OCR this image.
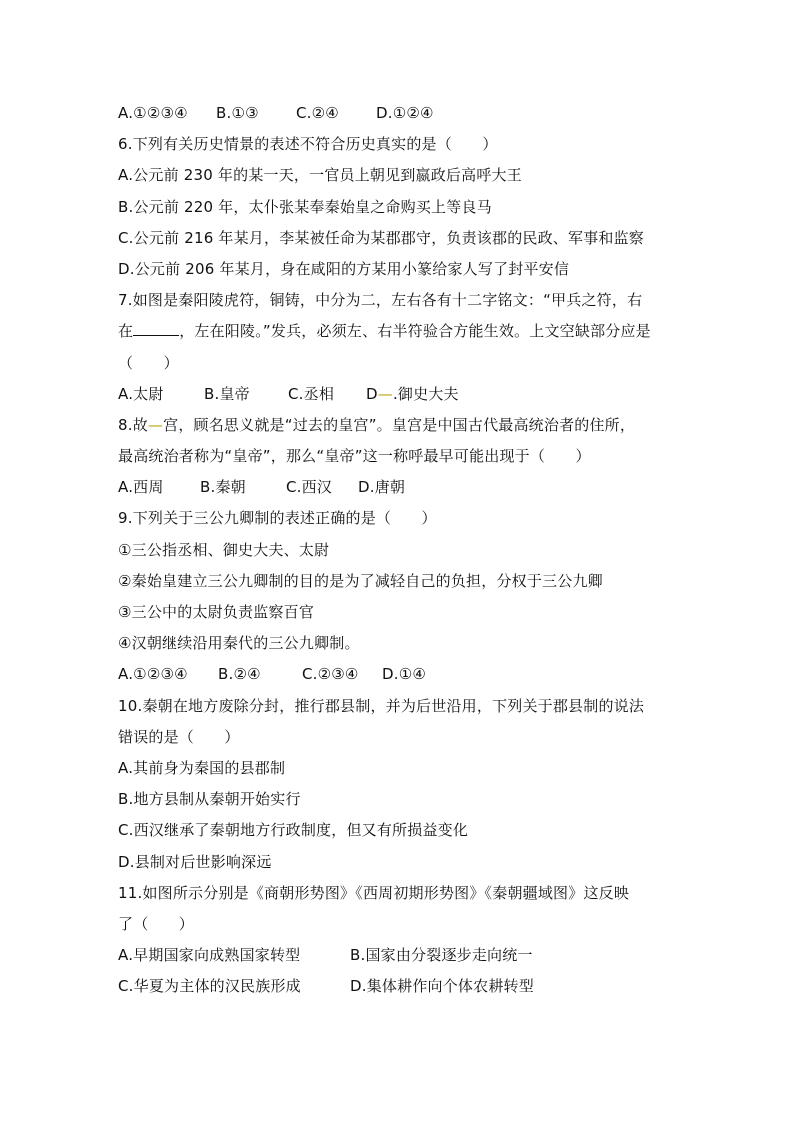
A.①②③④	B.①③	C.②④	D.①②④
6.下列有关历史情景的表述不符合历史真实的是（　　）
A.公元前 230 年的某一天，一官员上朝见到嬴政后高呼大王
B.公元前 220 年，太仆张某奉秦始皇之命购买上等良马
C.公元前 216 年某月，李某被任命为某郡郡守，负责该郡的民政、军事和监察
D.公元前 206 年某月，身在咸阳的方某用小篆给家人写了封平安信
7.如图是秦阳陵虎符，铜铸，中分为二，左右各有十二字铭文：“甲兵之符，右
在	，左在阳陵。”发兵，必须左、右半符验合方能生效。上文空缺部分应是
（　　）
A.太尉	B.皇帝	C.丞相	D—.御史大夫
8.故—宫，顾名思义就是“过去的皇宫”。皇宫是中国古代最高统治者的住所，
最高统治者称为“皇帝”，那么“皇帝”这一称呼最早可能出现于（　　）
A.西周	B.秦朝	C.西汉	D.唐朝
9.下列关于三公九卿制的表述正确的是（　　）
①三公指丞相、御史大夫、太尉
②秦始皇建立三公九卿制的目的是为了减轻自己的负担，分权于三公九卿
③三公中的太尉负责监察百官
④汉朝继续沿用秦代的三公九卿制。
A.①②③④	B.②④	C.②③④	D.①④
10.秦朝在地方废除分封，推行郡县制，并为后世沿用，下列关于郡县制的说法
错误的是（　　）
A.其前身为秦国的县郡制
B.地方县制从秦朝开始实行
C.西汉继承了秦朝地方行政制度，但又有所损益变化
D.县制对后世影响深远
11.如图所示分别是《商朝形势图》《西周初期形势图》《秦朝疆域图》这反映
了（　　）
A.早期国家向成熟国家转型	B.国家由分裂逐步走向统一
C.华夏为主体的汉民族形成	D.集体耕作向个体农耕转型
